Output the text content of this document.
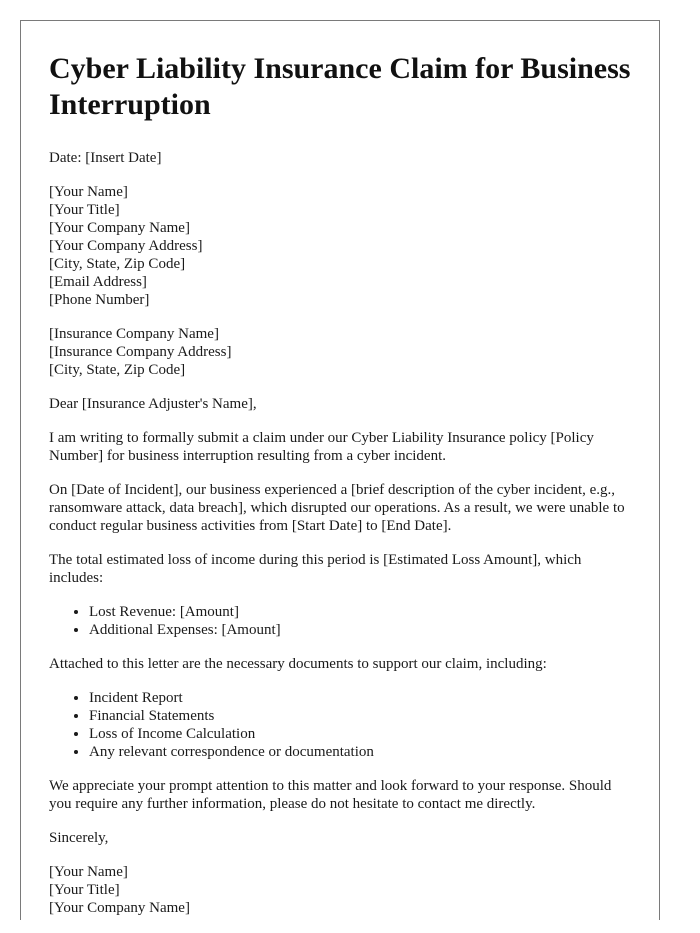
Cyber Liability Insurance Claim for Business Interruption

Date: [Insert Date]

[Your Name]
[Your Title]
[Your Company Name]
[Your Company Address]
[City, State, Zip Code]
[Email Address]
[Phone Number]
[Insurance Company Name]
[Insurance Company Address]
[City, State, Zip Code]

Dear [Insurance Adjuster's Name],

I am writing to formally submit a claim under our Cyber Liability Insurance policy [Policy Number] for business interruption resulting from a cyber incident.

On [Date of Incident], our business experienced a [brief description of the cyber incident, e.g., ransomware attack, data breach], which disrupted our operations. As a result, we were unable to conduct regular business activities from [Start Date] to [End Date].

The total estimated loss of income during this period is [Estimated Loss Amount], which includes:

• Lost Revenue: [Amount]
• Additional Expenses: [Amount]

Attached to this letter are the necessary documents to support our claim, including:

• Incident Report
• Financial Statements
• Loss of Income Calculation
• Any relevant correspondence or documentation

We appreciate your prompt attention to this matter and look forward to your response. Should you require any further information, please do not hesitate to contact me directly.

Sincerely,

[Your Name]
[Your Title]
[Your Company Name]
